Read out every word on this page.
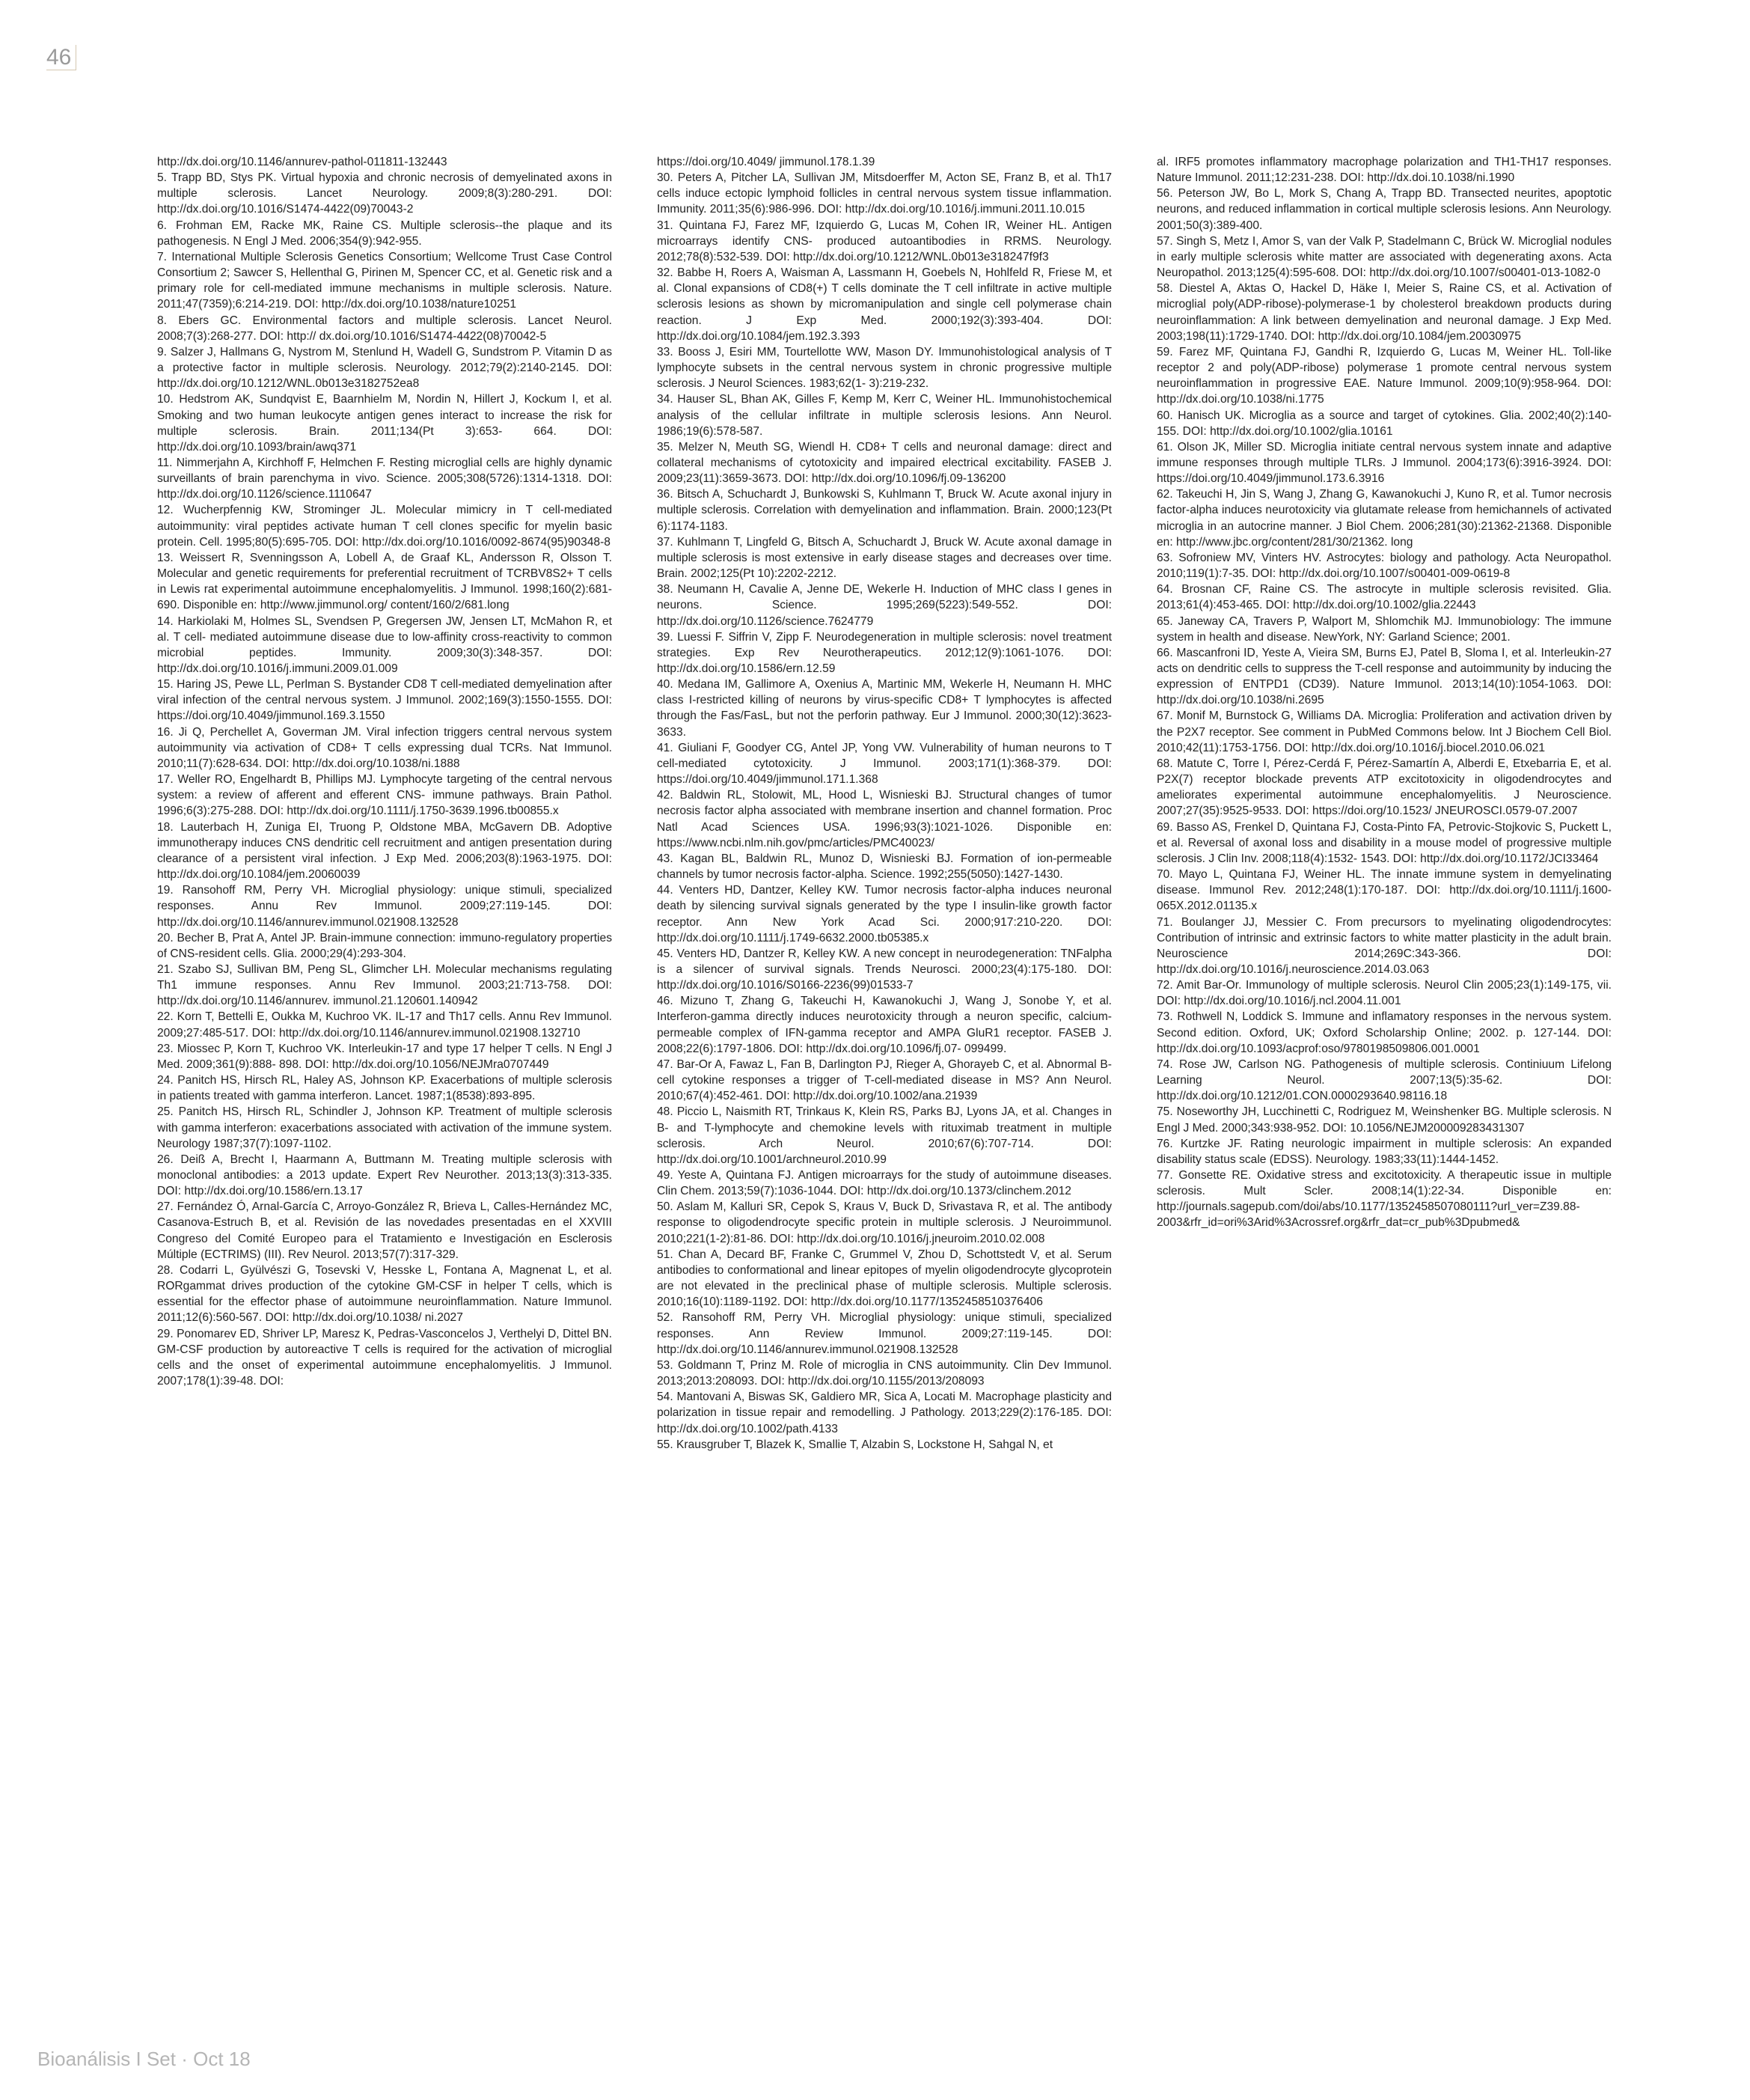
46

http://dx.doi.org/10.1146/annurev-pathol-011811-132443

5. Trapp BD, Stys PK. Virtual hypoxia and chronic necrosis of demyelinated axons in multiple sclerosis. Lancet Neurology. 2009;8(3):280-291. DOI: http://dx.doi.org/10.1016/S1474-4422(09)70043-2

6. Frohman EM, Racke MK, Raine CS. Multiple sclerosis--the plaque and its pathogenesis. N Engl J Med. 2006;354(9):942-955.

7. International Multiple Sclerosis Genetics Consortium; Wellcome Trust Case Control Consortium 2; Sawcer S, Hellenthal G, Pirinen M, Spencer CC, et al. Genetic risk and a primary role for cell-mediated immune mechanisms in multiple sclerosis. Nature. 2011;47(7359);6:214-219. DOI: http://dx.doi.org/10.1038/nature10251

8. Ebers GC. Environmental factors and multiple sclerosis. Lancet Neurol. 2008;7(3):268-277. DOI: http:// dx.doi.org/10.1016/S1474-4422(08)70042-5

9. Salzer J, Hallmans G, Nystrom M, Stenlund H, Wadell G, Sundstrom P. Vitamin D as a protective factor in multiple sclerosis. Neurology. 2012;79(2):2140-2145. DOI: http://dx.doi.org/10.1212/WNL.0b013e3182752ea8

10. Hedstrom AK, Sundqvist E, Baarnhielm M, Nordin N, Hillert J, Kockum I, et al. Smoking and two human leukocyte antigen genes interact to increase the risk for multiple sclerosis. Brain. 2011;134(Pt 3):653- 664. DOI: http://dx.doi.org/10.1093/brain/awq371

11. Nimmerjahn A, Kirchhoff F, Helmchen F. Resting microglial cells are highly dynamic surveillants of brain parenchyma in vivo. Science. 2005;308(5726):1314-1318. DOI: http://dx.doi.org/10.1126/science.1110647

12. Wucherpfennig KW, Strominger JL. Molecular mimicry in T cell-mediated autoimmunity: viral peptides activate human T cell clones specific for myelin basic protein. Cell. 1995;80(5):695-705. DOI: http://dx.doi.org/10.1016/0092-8674(95)90348-8

13. Weissert R, Svenningsson A, Lobell A, de Graaf KL, Andersson R, Olsson T. Molecular and genetic requirements for preferential recruitment of TCRBV8S2+ T cells in Lewis rat experimental autoimmune encephalomyelitis. J Immunol. 1998;160(2):681-690. Disponible en: http://www.jimmunol.org/ content/160/2/681.long

14. Harkiolaki M, Holmes SL, Svendsen P, Gregersen JW, Jensen LT, McMahon R, et al. T cell- mediated autoimmune disease due to low-affinity cross-reactivity to common microbial peptides. Immunity. 2009;30(3):348-357. DOI: http://dx.doi.org/10.1016/j.immuni.2009.01.009

15. Haring JS, Pewe LL, Perlman S. Bystander CD8 T cell-mediated demyelination after viral infection of the central nervous system. J Immunol. 2002;169(3):1550-1555. DOI: https://doi.org/10.4049/jimmunol.169.3.1550

16. Ji Q, Perchellet A, Goverman JM. Viral infection triggers central nervous system autoimmunity via activation of CD8+ T cells expressing dual TCRs. Nat Immunol. 2010;11(7):628-634. DOI: http://dx.doi.org/10.1038/ni.1888

17. Weller RO, Engelhardt B, Phillips MJ. Lymphocyte targeting of the central nervous system: a review of afferent and efferent CNS- immune pathways. Brain Pathol. 1996;6(3):275-288. DOI: http://dx.doi.org/10.1111/j.1750-3639.1996.tb00855.x

18. Lauterbach H, Zuniga EI, Truong P, Oldstone MBA, McGavern DB. Adoptive immunotherapy induces CNS dendritic cell recruitment and antigen presentation during clearance of a persistent viral infection. J Exp Med. 2006;203(8):1963-1975. DOI: http://dx.doi.org/10.1084/jem.20060039

19. Ransohoff RM, Perry VH. Microglial physiology: unique stimuli, specialized responses. Annu Rev Immunol. 2009;27:119-145. DOI: http://dx.doi.org/10.1146/annurev.immunol.021908.132528

20. Becher B, Prat A, Antel JP. Brain-immune connection: immuno-regulatory properties of CNS-resident cells. Glia. 2000;29(4):293-304.

21. Szabo SJ, Sullivan BM, Peng SL, Glimcher LH. Molecular mechanisms regulating Th1 immune responses. Annu Rev Immunol. 2003;21:713-758. DOI: http://dx.doi.org/10.1146/annurev. immunol.21.120601.140942

22. Korn T, Bettelli E, Oukka M, Kuchroo VK. IL-17 and Th17 cells. Annu Rev Immunol. 2009;27:485-517. DOI: http://dx.doi.org/10.1146/annurev.immunol.021908.132710

23. Miossec P, Korn T, Kuchroo VK. Interleukin-17 and type 17 helper T cells. N Engl J Med. 2009;361(9):888- 898. DOI: http://dx.doi.org/10.1056/NEJMra0707449

24. Panitch HS, Hirsch RL, Haley AS, Johnson KP. Exacerbations of multiple sclerosis in patients treated with gamma interferon. Lancet. 1987;1(8538):893-895.

25. Panitch HS, Hirsch RL, Schindler J, Johnson KP. Treatment of multiple sclerosis with gamma interferon: exacerbations associated with activation of the immune system. Neurology 1987;37(7):1097-1102.

26. Deiß A, Brecht I, Haarmann A, Buttmann M. Treating multiple sclerosis with monoclonal antibodies: a 2013 update. Expert Rev Neurother. 2013;13(3):313-335. DOI: http://dx.doi.org/10.1586/ern.13.17

27. Fernández Ó, Arnal-García C, Arroyo-González R, Brieva L, Calles-Hernández MC, Casanova-Estruch B, et al. Revisión de las novedades presentadas en el XXVIII Congreso del Comité Europeo para el Tratamiento e Investigación en Esclerosis Múltiple (ECTRIMS) (III). Rev Neurol. 2013;57(7):317-329.

28. Codarri L, Gyülvészi G, Tosevski V, Hesske L, Fontana A, Magnenat L, et al. RORgammat drives production of the cytokine GM-CSF in helper T cells, which is essential for the effector phase of autoimmune neuroinflammation. Nature Immunol. 2011;12(6):560-567. DOI: http://dx.doi.org/10.1038/ ni.2027

29. Ponomarev ED, Shriver LP, Maresz K, Pedras-Vasconcelos J, Verthelyi D, Dittel BN. GM-CSF production by autoreactive T cells is required for the activation of microglial cells and the onset of experimental autoimmune encephalomyelitis. J Immunol. 2007;178(1):39-48. DOI:

https://doi.org/10.4049/ jimmunol.178.1.39

30. Peters A, Pitcher LA, Sullivan JM, Mitsdoerffer M, Acton SE, Franz B, et al. Th17 cells induce ectopic lymphoid follicles in central nervous system tissue inflammation. Immunity. 2011;35(6):986-996. DOI: http://dx.doi.org/10.1016/j.immuni.2011.10.015

31. Quintana FJ, Farez MF, Izquierdo G, Lucas M, Cohen IR, Weiner HL. Antigen microarrays identify CNS- produced autoantibodies in RRMS. Neurology. 2012;78(8):532-539. DOI: http://dx.doi.org/10.1212/WNL.0b013e318247f9f3

32. Babbe H, Roers A, Waisman A, Lassmann H, Goebels N, Hohlfeld R, Friese M, et al. Clonal expansions of CD8(+) T cells dominate the T cell infiltrate in active multiple sclerosis lesions as shown by micromanipulation and single cell polymerase chain reaction. J Exp Med. 2000;192(3):393-404. DOI: http://dx.doi.org/10.1084/jem.192.3.393

33. Booss J, Esiri MM, Tourtellotte WW, Mason DY. Immunohistological analysis of T lymphocyte subsets in the central nervous system in chronic progressive multiple sclerosis. J Neurol Sciences. 1983;62(1- 3):219-232.

34. Hauser SL, Bhan AK, Gilles F, Kemp M, Kerr C, Weiner HL. Immunohistochemical analysis of the cellular infiltrate in multiple sclerosis lesions. Ann Neurol. 1986;19(6):578-587.

35. Melzer N, Meuth SG, Wiendl H. CD8+ T cells and neuronal damage: direct and collateral mechanisms of cytotoxicity and impaired electrical excitability. FASEB J. 2009;23(11):3659-3673. DOI: http://dx.doi.org/10.1096/fj.09-136200

36. Bitsch A, Schuchardt J, Bunkowski S, Kuhlmann T, Bruck W. Acute axonal injury in multiple sclerosis. Correlation with demyelination and inflammation. Brain. 2000;123(Pt 6):1174-1183.

37. Kuhlmann T, Lingfeld G, Bitsch A, Schuchardt J, Bruck W. Acute axonal damage in multiple sclerosis is most extensive in early disease stages and decreases over time. Brain. 2002;125(Pt 10):2202-2212.

38. Neumann H, Cavalie A, Jenne DE, Wekerle H. Induction of MHC class I genes in neurons. Science. 1995;269(5223):549-552. DOI: http://dx.doi.org/10.1126/science.7624779

39. Luessi F. Siffrin V, Zipp F. Neurodegeneration in multiple sclerosis: novel treatment strategies. Exp Rev Neurotherapeutics. 2012;12(9):1061-1076. DOI: http://dx.doi.org/10.1586/ern.12.59

40. Medana IM, Gallimore A, Oxenius A, Martinic MM, Wekerle H, Neumann H. MHC class I-restricted killing of neurons by virus-specific CD8+ T lymphocytes is affected through the Fas/FasL, but not the perforin pathway. Eur J Immunol. 2000;30(12):3623-3633.

41. Giuliani F, Goodyer CG, Antel JP, Yong VW. Vulnerability of human neurons to T cell-mediated cytotoxicity. J Immunol. 2003;171(1):368-379. DOI: https://doi.org/10.4049/jimmunol.171.1.368

42. Baldwin RL, Stolowit, ML, Hood L, Wisnieski BJ. Structural changes of tumor necrosis factor alpha associated with membrane insertion and channel formation. Proc Natl Acad Sciences USA. 1996;93(3):1021-1026. Disponible en: https://www.ncbi.nlm.nih.gov/pmc/articles/PMC40023/

43. Kagan BL, Baldwin RL, Munoz D, Wisnieski BJ. Formation of ion-permeable channels by tumor necrosis factor-alpha. Science. 1992;255(5050):1427-1430.

44. Venters HD, Dantzer, Kelley KW. Tumor necrosis factor-alpha induces neuronal death by silencing survival signals generated by the type I insulin-like growth factor receptor. Ann New York Acad Sci. 2000;917:210-220. DOI: http://dx.doi.org/10.1111/j.1749-6632.2000.tb05385.x

45. Venters HD, Dantzer R, Kelley KW. A new concept in neurodegeneration: TNFalpha is a silencer of survival signals. Trends Neurosci. 2000;23(4):175-180. DOI: http://dx.doi.org/10.1016/S0166-2236(99)01533-7

46. Mizuno T, Zhang G, Takeuchi H, Kawanokuchi J, Wang J, Sonobe Y, et al. Interferon-gamma directly induces neurotoxicity through a neuron specific, calcium-permeable complex of IFN-gamma receptor and AMPA GluR1 receptor. FASEB J. 2008;22(6):1797-1806. DOI: http://dx.doi.org/10.1096/fj.07- 099499.

47. Bar-Or A, Fawaz L, Fan B, Darlington PJ, Rieger A, Ghorayeb C, et al. Abnormal B-cell cytokine responses a trigger of T-cell-mediated disease in MS? Ann Neurol. 2010;67(4):452-461. DOI: http://dx.doi.org/10.1002/ana.21939

48. Piccio L, Naismith RT, Trinkaus K, Klein RS, Parks BJ, Lyons JA, et al. Changes in B- and T-lymphocyte and chemokine levels with rituximab treatment in multiple sclerosis. Arch Neurol. 2010;67(6):707-714. DOI: http://dx.doi.org/10.1001/archneurol.2010.99

49. Yeste A, Quintana FJ. Antigen microarrays for the study of autoimmune diseases. Clin Chem. 2013;59(7):1036-1044. DOI: http://dx.doi.org/10.1373/clinchem.2012

50. Aslam M, Kalluri SR, Cepok S, Kraus V, Buck D, Srivastava R, et al. The antibody response to oligodendrocyte specific protein in multiple sclerosis. J Neuroimmunol. 2010;221(1-2):81-86. DOI: http://dx.doi.org/10.1016/j.jneuroim.2010.02.008

51. Chan A, Decard BF, Franke C, Grummel V, Zhou D, Schottstedt V, et al. Serum antibodies to conformational and linear epitopes of myelin oligodendrocyte glycoprotein are not elevated in the preclinical phase of multiple sclerosis. Multiple sclerosis. 2010;16(10):1189-1192. DOI: http://dx.doi.org/10.1177/1352458510376406

52. Ransohoff RM, Perry VH. Microglial physiology: unique stimuli, specialized responses. Ann Review Immunol. 2009;27:119-145. DOI: http://dx.doi.org/10.1146/annurev.immunol.021908.132528

53. Goldmann T, Prinz M. Role of microglia in CNS autoimmunity. Clin Dev Immunol. 2013;2013:208093. DOI: http://dx.doi.org/10.1155/2013/208093

54. Mantovani A, Biswas SK, Galdiero MR, Sica A, Locati M. Macrophage plasticity and polarization in tissue repair and remodelling. J Pathology. 2013;229(2):176-185. DOI: http://dx.doi.org/10.1002/path.4133

55. Krausgruber T, Blazek K, Smallie T, Alzabin S, Lockstone H, Sahgal N, et

al. IRF5 promotes inflammatory macrophage polarization and TH1-TH17 responses. Nature Immunol. 2011;12:231-238. DOI: http://dx.doi.10.1038/ni.1990

56. Peterson JW, Bo L, Mork S, Chang A, Trapp BD. Transected neurites, apoptotic neurons, and reduced inflammation in cortical multiple sclerosis lesions. Ann Neurology. 2001;50(3):389-400.

57. Singh S, Metz I, Amor S, van der Valk P, Stadelmann C, Brück W. Microglial nodules in early multiple sclerosis white matter are associated with degenerating axons. Acta Neuropathol. 2013;125(4):595-608. DOI: http://dx.doi.org/10.1007/s00401-013-1082-0

58. Diestel A, Aktas O, Hackel D, Häke I, Meier S, Raine CS, et al. Activation of microglial poly(ADP-ribose)-polymerase-1 by cholesterol breakdown products during neuroinflammation: A link between demyelination and neuronal damage. J Exp Med. 2003;198(11):1729-1740. DOI: http://dx.doi.org/10.1084/jem.20030975

59. Farez MF, Quintana FJ, Gandhi R, Izquierdo G, Lucas M, Weiner HL. Toll-like receptor 2 and poly(ADP-ribose) polymerase 1 promote central nervous system neuroinflammation in progressive EAE. Nature Immunol. 2009;10(9):958-964. DOI: http://dx.doi.org/10.1038/ni.1775

60. Hanisch UK. Microglia as a source and target of cytokines. Glia. 2002;40(2):140-155. DOI: http://dx.doi.org/10.1002/glia.10161

61. Olson JK, Miller SD. Microglia initiate central nervous system innate and adaptive immune responses through multiple TLRs. J Immunol. 2004;173(6):3916-3924. DOI: https://doi.org/10.4049/jimmunol.173.6.3916

62. Takeuchi H, Jin S, Wang J, Zhang G, Kawanokuchi J, Kuno R, et al. Tumor necrosis factor-alpha induces neurotoxicity via glutamate release from hemichannels of activated microglia in an autocrine manner. J Biol Chem. 2006;281(30):21362-21368. Disponible en: http://www.jbc.org/content/281/30/21362. long

63. Sofroniew MV, Vinters HV. Astrocytes: biology and pathology. Acta Neuropathol. 2010;119(1):7-35. DOI: http://dx.doi.org/10.1007/s00401-009-0619-8

64. Brosnan CF, Raine CS. The astrocyte in multiple sclerosis revisited. Glia. 2013;61(4):453-465. DOI: http://dx.doi.org/10.1002/glia.22443

65. Janeway CA, Travers P, Walport M, Shlomchik MJ. Immunobiology: The immune system in health and disease. NewYork, NY: Garland Science; 2001.

66. Mascanfroni ID, Yeste A, Vieira SM, Burns EJ, Patel B, Sloma I, et al. Interleukin-27 acts on dendritic cells to suppress the T-cell response and autoimmunity by inducing the expression of ENTPD1 (CD39). Nature Immunol. 2013;14(10):1054-1063. DOI: http://dx.doi.org/10.1038/ni.2695

67. Monif M, Burnstock G, Williams DA. Microglia: Proliferation and activation driven by the P2X7 receptor. See comment in PubMed Commons below. Int J Biochem Cell Biol. 2010;42(11):1753-1756. DOI: http://dx.doi.org/10.1016/j.biocel.2010.06.021

68. Matute C, Torre I, Pérez-Cerdá F, Pérez-Samartín A, Alberdi E, Etxebarria E, et al. P2X(7) receptor blockade prevents ATP excitotoxicity in oligodendrocytes and ameliorates experimental autoimmune encephalomyelitis. J Neuroscience. 2007;27(35):9525-9533. DOI: https://doi.org/10.1523/ JNEUROSCI.0579-07.2007

69. Basso AS, Frenkel D, Quintana FJ, Costa-Pinto FA, Petrovic-Stojkovic S, Puckett L, et al. Reversal of axonal loss and disability in a mouse model of progressive multiple sclerosis. J Clin Inv. 2008;118(4):1532- 1543. DOI: http://dx.doi.org/10.1172/JCI33464

70. Mayo L, Quintana FJ, Weiner HL. The innate immune system in demyelinating disease. Immunol Rev. 2012;248(1):170-187. DOI: http://dx.doi.org/10.1111/j.1600-065X.2012.01135.x

71. Boulanger JJ, Messier C. From precursors to myelinating oligodendrocytes: Contribution of intrinsic and extrinsic factors to white matter plasticity in the adult brain. Neuroscience 2014;269C:343-366. DOI: http://dx.doi.org/10.1016/j.neuroscience.2014.03.063

72. Amit Bar-Or. Immunology of multiple sclerosis. Neurol Clin 2005;23(1):149-175, vii. DOI: http://dx.doi.org/10.1016/j.ncl.2004.11.001

73. Rothwell N, Loddick S. Immune and inflamatory responses in the nervous system. Second edition. Oxford, UK; Oxford Scholarship Online; 2002. p. 127-144. DOI: http://dx.doi.org/10.1093/acprof:oso/9780198509806.001.0001

74. Rose JW, Carlson NG. Pathogenesis of multiple sclerosis. Continiuum Lifelong Learning Neurol. 2007;13(5):35-62. DOI: http://dx.doi.org/10.1212/01.CON.0000293640.98116.18

75. Noseworthy JH, Lucchinetti C, Rodriguez M, Weinshenker BG. Multiple sclerosis. N Engl J Med. 2000;343:938-952. DOI: 10.1056/NEJM200009283431307

76. Kurtzke JF. Rating neurologic impairment in multiple sclerosis: An expanded disability status scale (EDSS). Neurology. 1983;33(11):1444-1452.

77. Gonsette RE. Oxidative stress and excitotoxicity. A therapeutic issue in multiple sclerosis. Mult Scler. 2008;14(1):22-34. Disponible en: http://journals.sagepub.com/doi/abs/10.1177/1352458507080111?url_ver=Z39.88-2003&rfr_id=ori%3Arid%3Acrossref.org&rfr_dat=cr_pub%3Dpubmed&

Bioanálisis I Set · Oct 18
